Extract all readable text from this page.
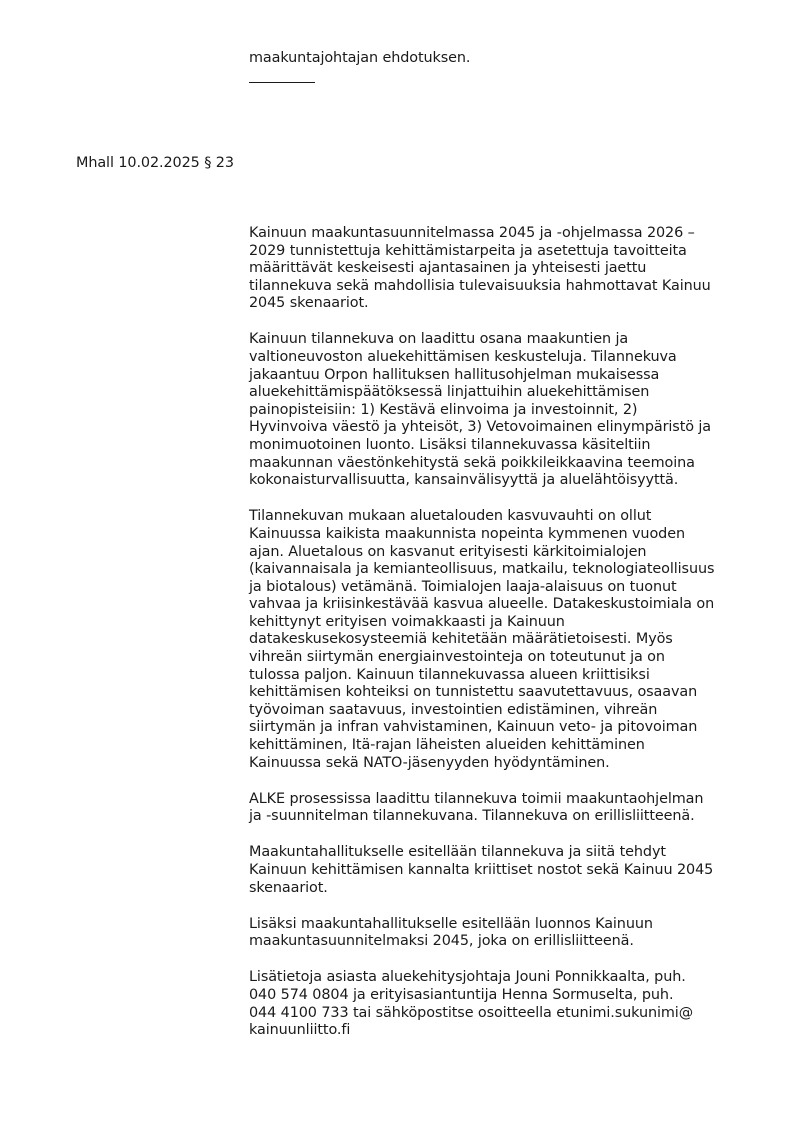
maakuntajohtajan ehdotuksen.
Mhall 10.02.2025 § 23

Kainuun maakuntasuunnitelmassa 2045 ja -ohjelmassa 2026 –
2029 tunnistettuja kehittämistarpeita ja asetettuja tavoitteita
määrittävät keskeisesti ajantasainen ja yhteisesti jaettu
tilannekuva sekä mahdollisia tulevaisuuksia hahmottavat Kainuu
2045 skenaariot.

Kainuun tilannekuva on laadittu osana maakuntien ja
valtioneuvoston aluekehittämisen keskusteluja. Tilannekuva
jakaantuu Orpon hallituksen hallitusohjelman mukaisessa
aluekehittämispäätöksessä linjattuihin aluekehittämisen
painopisteisiin: 1) Kestävä elinvoima ja investoinnit, 2)
Hyvinvoiva väestö ja yhteisöt, 3) Vetovoimainen elinympäristö ja
monimuotoinen luonto. Lisäksi tilannekuvassa käsiteltiin
maakunnan väestönkehitystä sekä poikkileikkaavina teemoina
kokonaisturvallisuutta, kansainvälisyyttä ja aluelähtöisyyttä.

Tilannekuvan mukaan aluetalouden kasvuvauhti on ollut
Kainuussa kaikista maakunnista nopeinta kymmenen vuoden
ajan. Aluetalous on kasvanut erityisesti kärkitoimialojen
(kaivannaisala ja kemianteollisuus, matkailu, teknologiateollisuus
ja biotalous) vetämänä. Toimialojen laaja-alaisuus on tuonut
vahvaa ja kriisinkestävää kasvua alueelle. Datakeskustoimiala on
kehittynyt erityisen voimakkaasti ja Kainuun
datakeskusekosysteemiä kehitetään määrätietoisesti. Myös
vihreän siirtymän energiainvestointeja on toteutunut ja on
tulossa paljon. Kainuun tilannekuvassa alueen kriittisiksi
kehittämisen kohteiksi on tunnistettu saavutettavuus, osaavan
työvoiman saatavuus, investointien edistäminen, vihreän
siirtymän ja infran vahvistaminen, Kainuun veto- ja pitovoiman
kehittäminen, Itä-rajan läheisten alueiden kehittäminen
Kainuussa sekä NATO-jäsenyyden hyödyntäminen.

ALKE prosessissa laadittu tilannekuva toimii maakuntaohjelman
ja -suunnitelman tilannekuvana. Tilannekuva on erillisliitteenä.

Maakuntahallitukselle esitellään tilannekuva ja siitä tehdyt
Kainuun kehittämisen kannalta kriittiset nostot sekä Kainuu 2045
skenaariot.

Lisäksi maakuntahallitukselle esitellään luonnos Kainuun
maakuntasuunnitelmaksi 2045, joka on erillisliitteenä.

Lisätietoja asiasta aluekehitysjohtaja Jouni Ponnikkaalta, puh.
040 574 0804 ja erityisasiantuntija Henna Sormuselta, puh.
044 4100 733 tai sähköpostitse osoitteella etunimi.sukunimi@
kainuunliitto.fi
